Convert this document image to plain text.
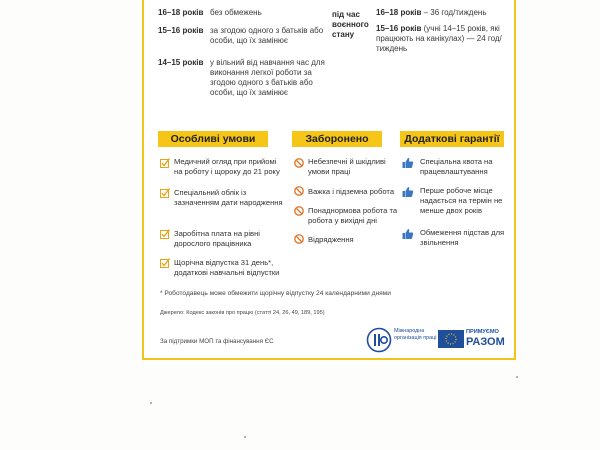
16–18 років без обмежень
15–16 років за згодою одного з батьків або особи, що їх замінює
14–15 років у вільний від навчання час для виконання легкої роботи за згодою одного з батьків або особи, що їх замінює
під час воєнного стану
16–18 років – 36 год/тиждень
15–16 років (учні 14–15 років, які працюють на канікулах) — 24 год/тиждень
Особливі умови	Заборонено	Додаткові гарантії
Медичний огляд при прийомі на роботу і щороку до 21 року
Спеціальний облік із зазначенням дати народження
Заробітна плата на рівні дорослого працівника
Щорічна відпустка 31 день*, додаткові навчальні відпустки
Небезпечні й шкідливі умови праці
Важка і підземна робота
Понаднормова робота та робота у вихідні дні
Відрядження
Спеціальна квота на працевлаштування
Перше робоче місце надається на термін не менше двох років
Обмеження підстав для звільнення
* Роботодавець може обмежити щорічну відпустку 24 календарними днями
Джерело: Кодекс законів про працю (статті 24, 26, 49, 189, 195)
За підтримки МОП та фінансування ЄС
Міжнародна організація праці
ПРИМУЄМО
РАЗОМ
